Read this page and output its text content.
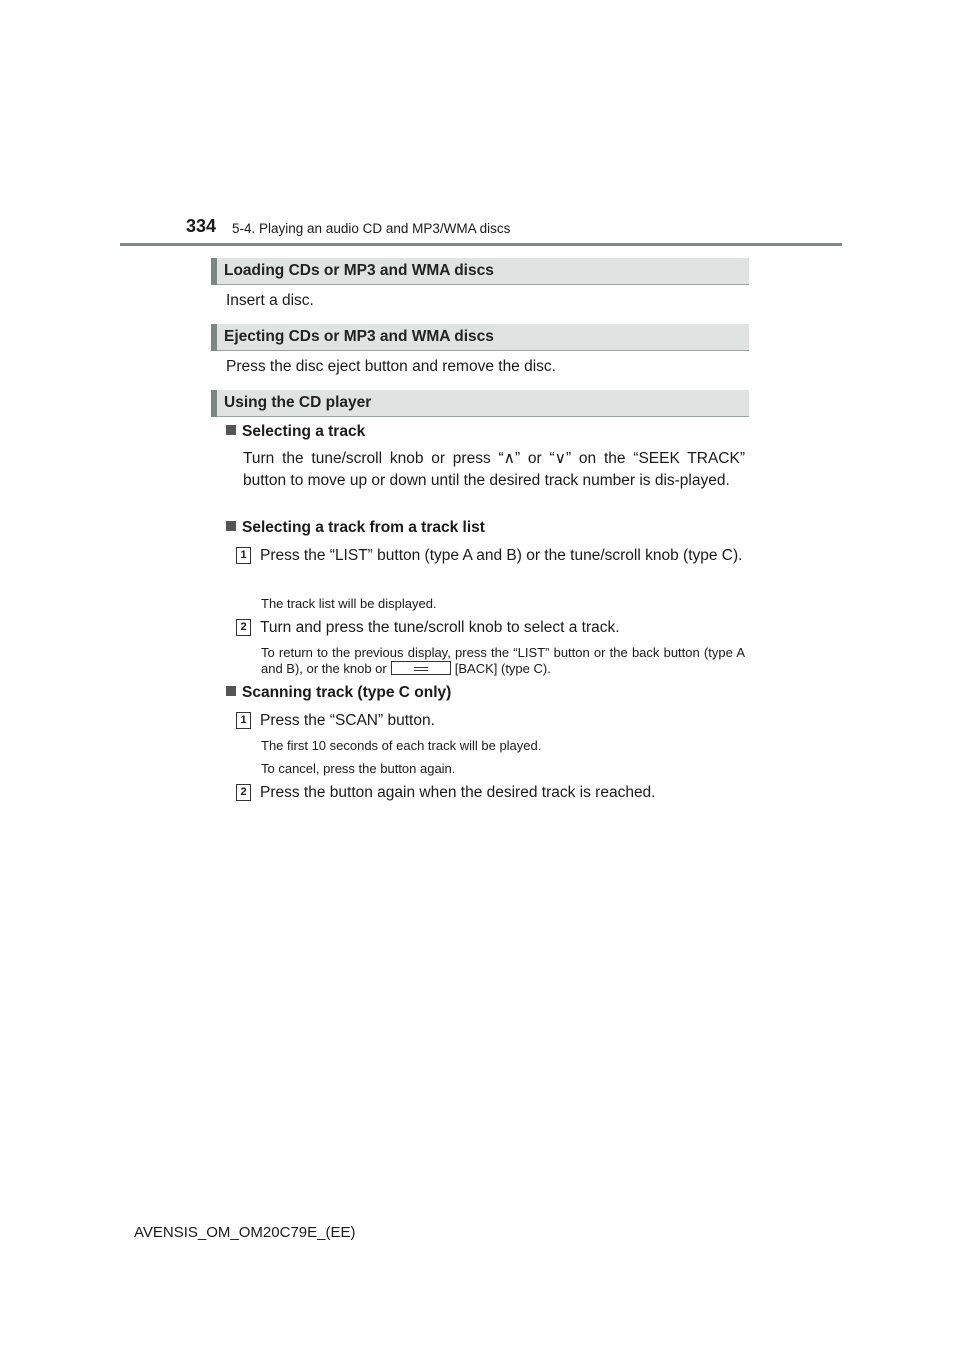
334 5-4. Playing an audio CD and MP3/WMA discs
Loading CDs or MP3 and WMA discs
Insert a disc.
Ejecting CDs or MP3 and WMA discs
Press the disc eject button and remove the disc.
Using the CD player
Selecting a track
Turn the tune/scroll knob or press “∧” or “∨” on the “SEEK TRACK” button to move up or down until the desired track number is dis-played.
Selecting a track from a track list
1 Press the “LIST” button (type A and B) or the tune/scroll knob (type C).
The track list will be displayed.
2 Turn and press the tune/scroll knob to select a track.
To return to the previous display, press the “LIST” button or the back button (type A and B), or the knob or	[BACK] (type C).
Scanning track (type C only)
1 Press the “SCAN” button.
The first 10 seconds of each track will be played.
To cancel, press the button again.
2 Press the button again when the desired track is reached.
AVENSIS_OM_OM20C79E_(EE)
